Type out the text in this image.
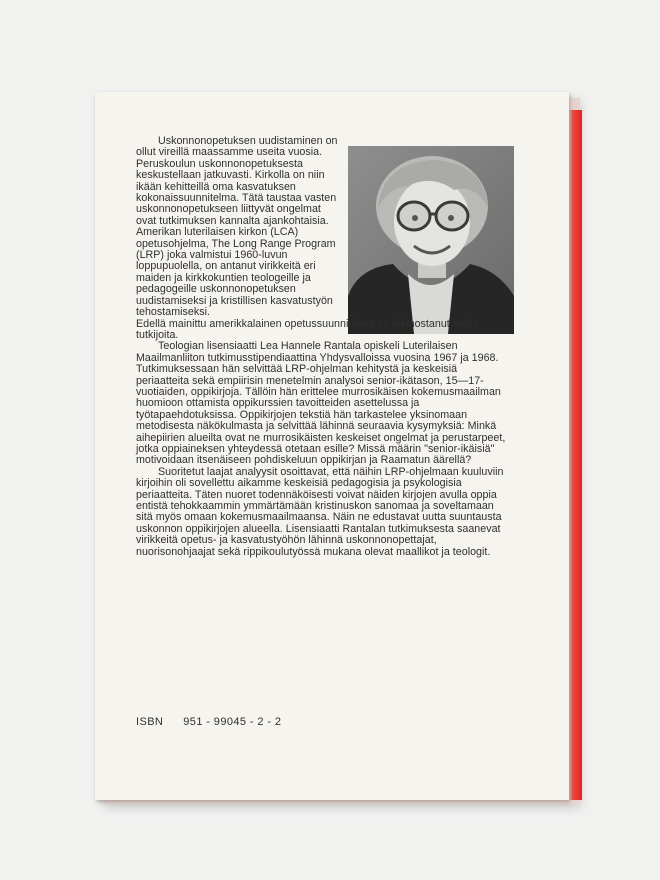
Uskonnonopetuksen uudistaminen on ollut vireillä maassamme useita vuosia. Peruskoulun uskonnonopetuksesta keskustellaan jatkuvasti. Kirkolla on niin ikään kehitteillä oma kasvatuksen kokonaissuunnitelma. Tätä taustaa vasten uskonnonopetukseen liittyvät ongelmat ovat tutkimuksen kannalta ajankohtaisia. Amerikan luterilaisen kirkon (LCA) opetusohjelma, The Long Range Program (LRP) joka valmistui 1960-luvun loppupuolella, on antanut virikkeitä eri maiden ja kirkkokuntien teologeille ja pedagogeille uskonnonopetuksen uudistamiseksi ja kristillisen kasvatustyön tehostamiseksi.

Edellä mainittu amerikkalainen opetussuunnitelma on kiinnostanut myös tutkijoita.

Teologian lisensiaatti Lea Hannele Rantala opiskeli Luterilaisen Maailmanliiton tutkimusstipendiaattina Yhdysvalloissa vuosina 1967 ja 1968. Tutkimuksessaan hän selvittää LRP-ohjelman kehitystä ja keskeisiä periaatteita sekä empiirisin menetelmin analysoi senior-ikätason, 15—17-vuotiaiden, oppikirjoja. Tällöin hän erittelee murrosikäisen kokemusmaailman huomioon ottamista oppikurssien tavoitteiden asettelussa ja työtapaehdotuksissa. Oppikirjojen tekstiä hän tarkastelee yksinomaan metodisesta näkökulmasta ja selvittää lähinnä seuraavia kysymyksiä: Minkä aihepiirien alueilta ovat ne murrosikäisten keskeiset ongelmat ja perustarpeet, jotka oppiaineksen yhteydessä otetaan esille? Missä määrin "senior-ikäisiä" motivoidaan itsenäiseen pohdiskeluun oppikirjan ja Raamatun äärellä?

Suoritetut laajat analyysit osoittavat, että näihin LRP-ohjelmaan kuuluviin kirjoihin oli sovellettu aikamme keskeisiä pedagogisia ja psykologisia periaatteita. Täten nuoret todennäköisesti voivat näiden kirjojen avulla oppia entistä tehokkaammin ymmärtämään kristinuskon sanomaa ja soveltamaan sitä myös omaan kokemusmaailmaansa. Näin ne edustavat uutta suuntausta uskonnon oppikirjojen alueella. Lisensiaatti Rantalan tutkimuksesta saanevat virikkeitä opetus- ja kasvatustyöhön lähinnä uskonnonopettajat, nuorisonohjaajat sekä rippikoulutyössä mukana olevat maallikot ja teologit.

ISBN 951 - 99045 - 2 - 2
